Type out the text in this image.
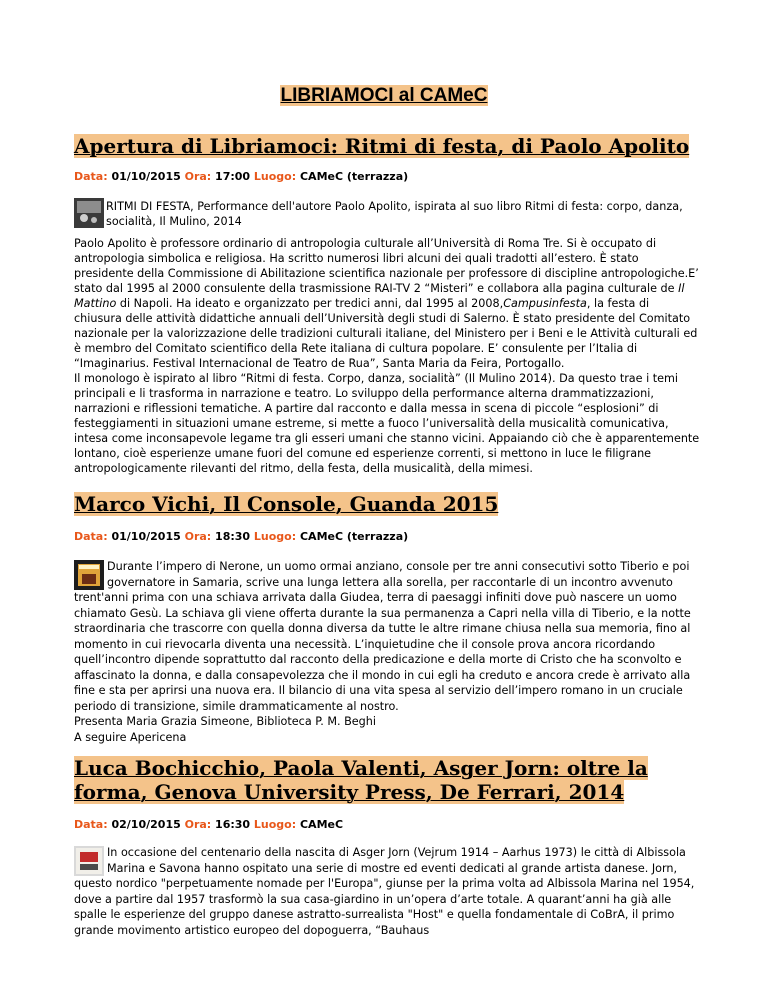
LIBRIAMOCI al CAMeC
Apertura di Libriamoci: Ritmi di festa, di Paolo Apolito

Data: 01/10/2015 Ora: 17:00 Luogo: CAMeC (terrazza)

RITMI DI FESTA, Performance dell'autore Paolo Apolito, ispirata al suo libro Ritmi di festa: corpo, danza, socialità, Il Mulino, 2014

Paolo Apolito è professore ordinario di antropologia culturale all’Università di Roma Tre. Si è occupato di antropologia simbolica e religiosa. Ha scritto numerosi libri alcuni dei quali tradotti all’estero. È stato presidente della Commissione di Abilitazione scientifica nazionale per professore di discipline antropologiche.E’ stato dal 1995 al 2000 consulente della trasmissione RAI-TV 2 “Misteri” e collabora alla pagina culturale de Il Mattino di Napoli. Ha ideato e organizzato per tredici anni, dal 1995 al 2008,Campusinfesta, la festa di chiusura delle attività didattiche annuali dell’Università degli studi di Salerno. È stato presidente del Comitato nazionale per la valorizzazione delle tradizioni culturali italiane, del Ministero per i Beni e le Attività culturali ed è membro del Comitato scientifico della Rete italiana di cultura popolare. E’ consulente per l’Italia di “Imaginarius. Festival Internacional de Teatro de Rua”, Santa Maria da Feira, Portogallo.

Il monologo è ispirato al libro “Ritmi di festa. Corpo, danza, socialità” (Il Mulino 2014). Da questo trae i temi principali e li trasforma in narrazione e teatro. Lo sviluppo della performance alterna drammatizzazioni, narrazioni e riflessioni tematiche. A partire dal racconto e dalla messa in scena di piccole “esplosioni” di festeggiamenti in situazioni umane estreme, si mette a fuoco l’universalità della musicalità comunicativa, intesa come inconsapevole legame tra gli esseri umani che stanno vicini. Appaiando ciò che è apparentemente lontano, cioè esperienze umane fuori del comune ed esperienze correnti, si mettono in luce le filigrane antropologicamente rilevanti del ritmo, della festa, della musicalità, della mimesi.

Marco Vichi, Il Console, Guanda 2015

Data: 01/10/2015 Ora: 18:30 Luogo: CAMeC (terrazza)

Durante l’impero di Nerone, un uomo ormai anziano, console per tre anni consecutivi sotto Tiberio e poi governatore in Samaria, scrive una lunga lettera alla sorella, per raccontarle di un incontro avvenuto trent'anni prima con una schiava arrivata dalla Giudea, terra di paesaggi infiniti dove può nascere un uomo chiamato Gesù. La schiava gli viene offerta durante la sua permanenza a Capri nella villa di Tiberio, e la notte straordinaria che trascorre con quella donna diversa da tutte le altre rimane chiusa nella sua memoria, fino al momento in cui rievocarla diventa una necessità. L’inquietudine che il console prova ancora ricordando quell’incontro dipende soprattutto dal racconto della predicazione e della morte di Cristo che ha sconvolto e affascinato la donna, e dalla consapevolezza che il mondo in cui egli ha creduto e ancora crede è arrivato alla fine e sta per aprirsi una nuova era. Il bilancio di una vita spesa al servizio dell’impero romano in un cruciale periodo di transizione, simile drammaticamente al nostro.
Presenta Maria Grazia Simeone, Biblioteca P. M. Beghi
A seguire Apericena
Luca Bochicchio, Paola Valenti, Asger Jorn: oltre la forma, Genova University Press, De Ferrari, 2014

Data: 02/10/2015 Ora: 16:30 Luogo: CAMeC

In occasione del centenario della nascita di Asger Jorn (Vejrum 1914 – Aarhus 1973) le città di Albissola Marina e Savona hanno ospitato una serie di mostre ed eventi dedicati al grande artista danese. Jorn, questo nordico "perpetuamente nomade per l'Europa", giunse per la prima volta ad Albissola Marina nel 1954, dove a partire dal 1957 trasformò la sua casa-giardino in un’opera d’arte totale. A quarant’anni ha già alle spalle le esperienze del gruppo danese astratto-surrealista "Host" e quella fondamentale di CoBrA, il primo grande movimento artistico europeo del dopoguerra, “Bauhaus
